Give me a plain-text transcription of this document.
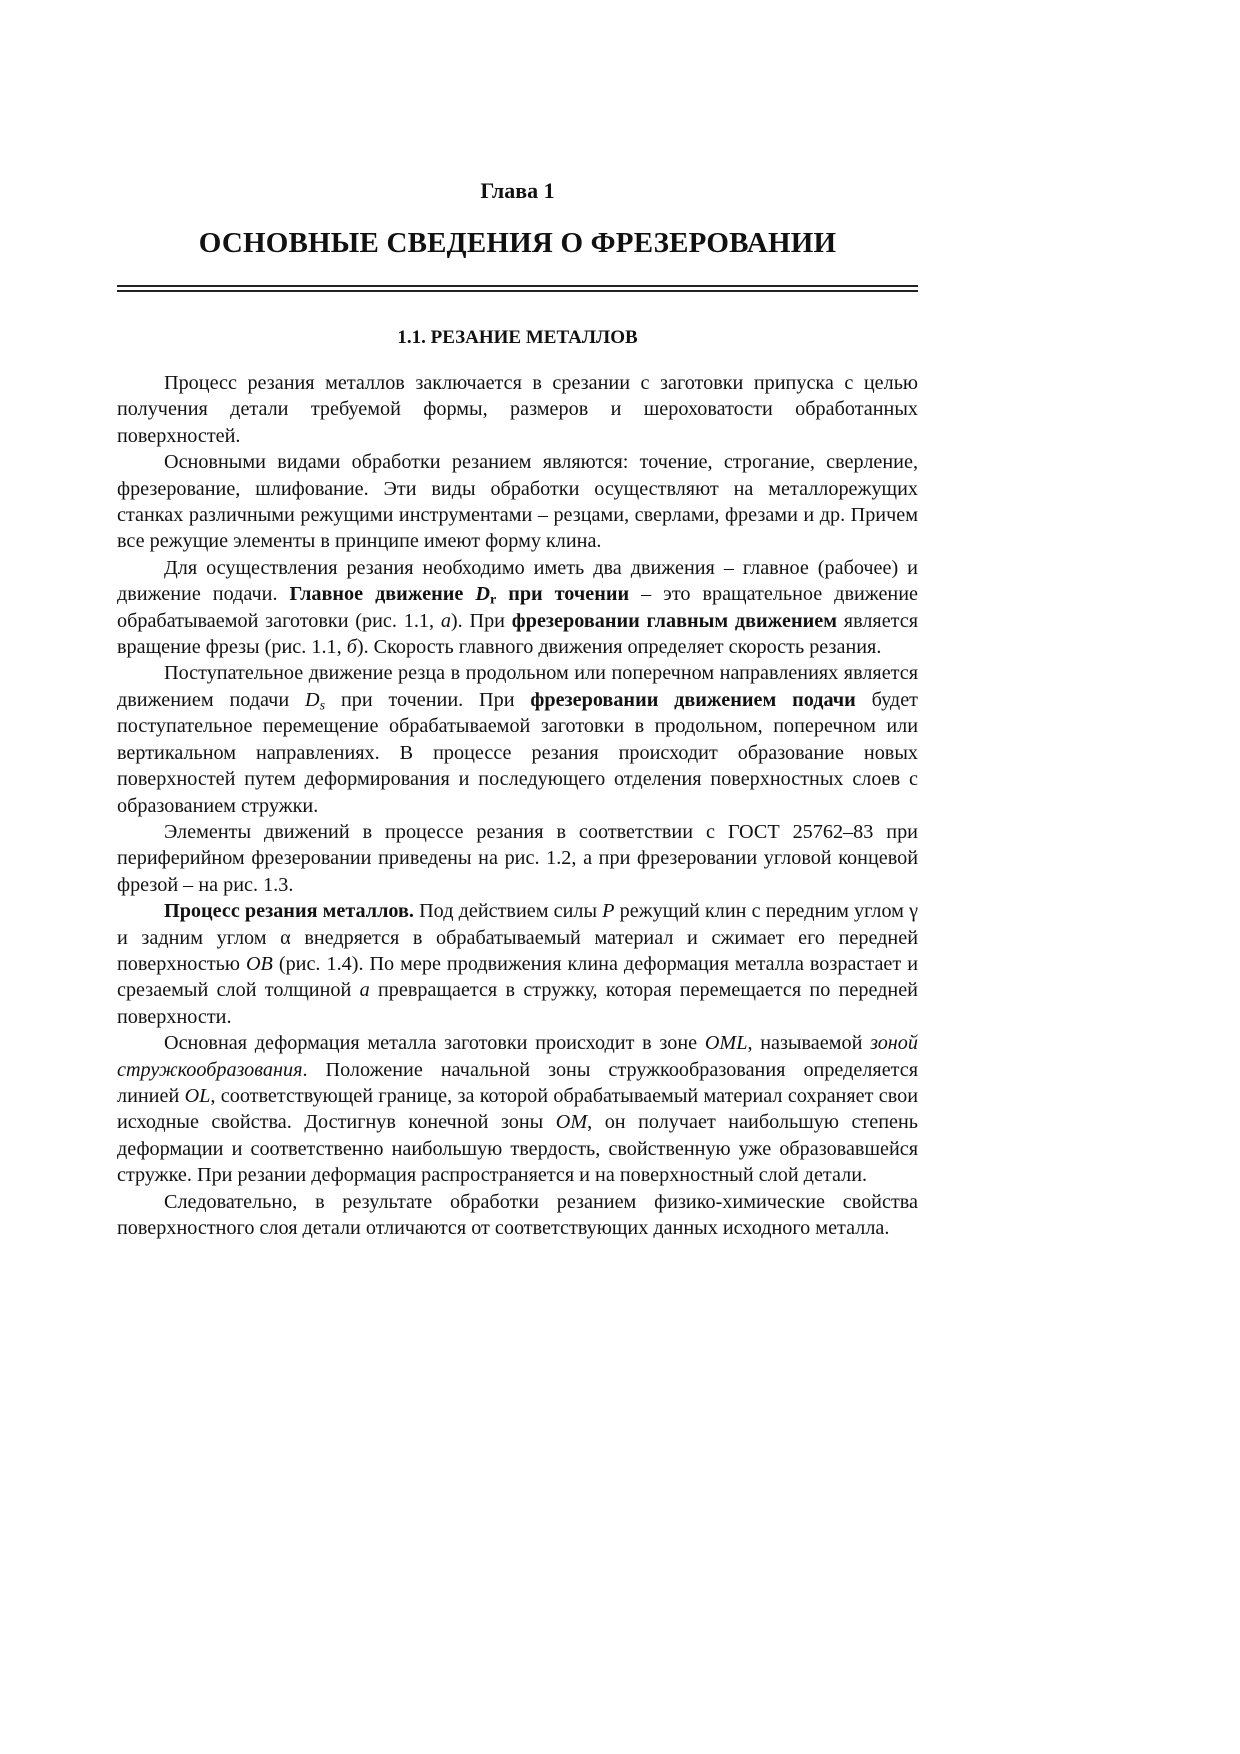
Глава 1
ОСНОВНЫЕ СВЕДЕНИЯ О ФРЕЗЕРОВАНИИ
1.1. РЕЗАНИЕ МЕТАЛЛОВ

Процесс резания металлов заключается в срезании с заготовки припуска с целью получения детали требуемой формы, размеров и шероховатости обработанных поверхностей.

Основными видами обработки резанием являются: точение, строгание, сверление, фрезерование, шлифование. Эти виды обработки осуществляют на металлорежущих станках различными режущими инструментами – резцами, сверлами, фрезами и др. Причем все режущие элементы в принципе имеют форму клина.

Для осуществления резания необходимо иметь два движения – главное (рабочее) и движение подачи. Главное движение $D_r$ при точении – это вращательное движение обрабатываемой заготовки (рис. 1.1, а). При фрезеровании главным движением является вращение фрезы (рис. 1.1, б). Скорость главного движения определяет скорость резания.

Поступательное движение резца в продольном или поперечном направлениях является движением подачи $D_s$ при точении. При фрезеровании движением подачи будет поступательное перемещение обрабатываемой заготовки в продольном, поперечном или вертикальном направлениях. В процессе резания происходит образование новых поверхностей путем деформирования и последующего отделения поверхностных слоев с образованием стружки.

Элементы движений в процессе резания в соответствии с ГОСТ 25762–83 при периферийном фрезеровании приведены на рис. 1.2, а при фрезеровании угловой концевой фрезой – на рис. 1.3.

Процесс резания металлов. Под действием силы P режущий клин с передним углом γ и задним углом α внедряется в обрабатываемый материал и сжимает его передней поверхностью OB (рис. 1.4). По мере продвижения клина деформация металла возрастает и срезаемый слой толщиной a превращается в стружку, которая перемещается по передней поверхности.

Основная деформация металла заготовки происходит в зоне OML, называемой зоной стружкообразования. Положение начальной зоны стружкообразования определяется линией OL, соответствующей границе, за которой обрабатываемый материал сохраняет свои исходные свойства. Достигнув конечной зоны OM, он получает наибольшую степень деформации и соответственно наибольшую твердость, свойственную уже образовавшейся стружке. При резании деформация распространяется и на поверхностный слой детали.

Следовательно, в результате обработки резанием физико-химические свойства поверхностного слоя детали отличаются от соответствующих данных исходного металла.
